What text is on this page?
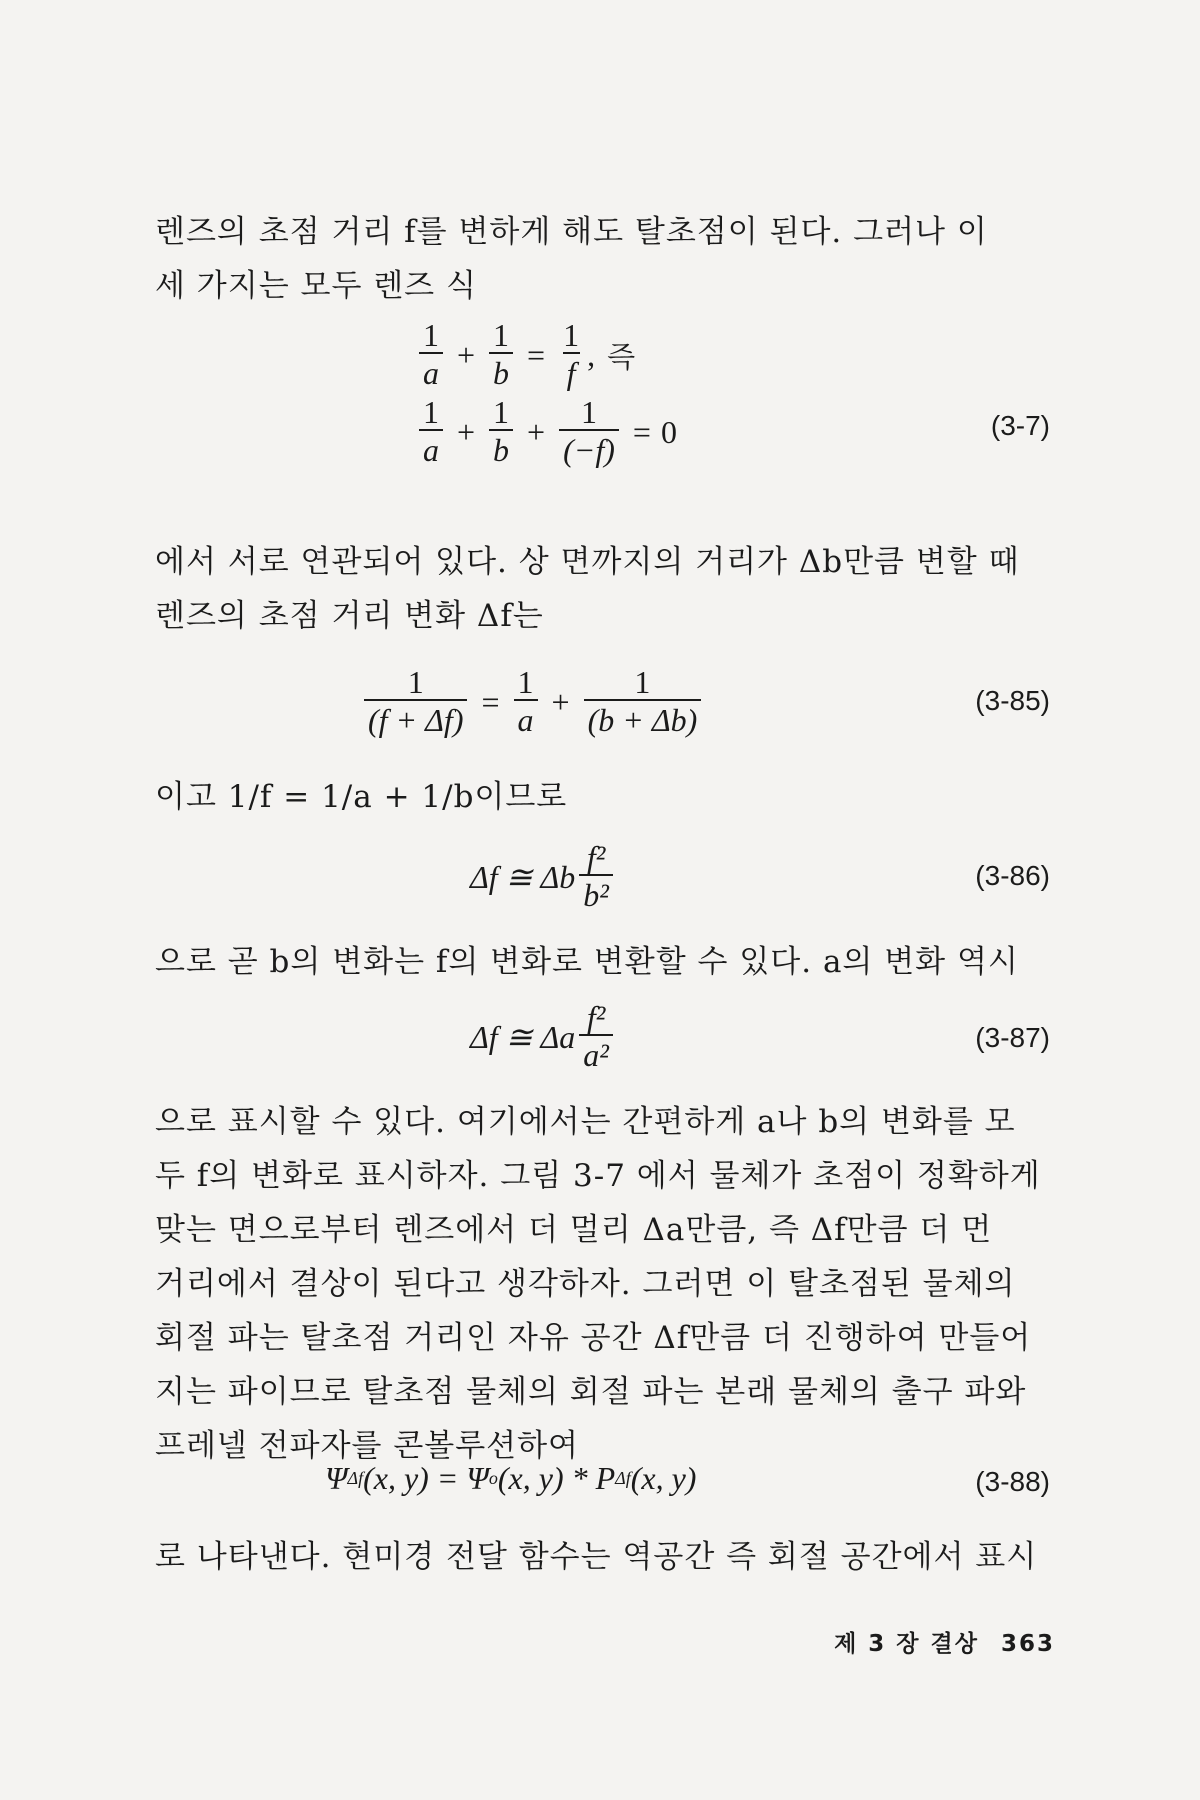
렌즈의 초점 거리 f를 변하게 해도 탈초점이 된다. 그러나 이
세 가지는 모두 렌즈 식
$\frac{1}{a} + \frac{1}{b} = \frac{1}{f}$ , 즉
$\frac{1}{a} + \frac{1}{b} + \frac{1}{(-f)} = 0$	(3-7)
에서 서로 연관되어 있다. 상 면까지의 거리가 Δb만큼 변할 때
렌즈의 초점 거리 변화 Δf는
$\frac{1}{(f + \Delta f)} = \frac{1}{a} + \frac{1}{(b + \Delta b)}$	(3-85)
이고 1/f = 1/a + 1/b이므로
Δf ≅ Δb $\frac{\text{f²}}{\text{b²}}$	(3-86)
으로 곧 b의 변화는 f의 변화로 변환할 수 있다. a의 변화 역시
Δf ≅ Δa $\frac{\text{f²}}{\text{a²}}$	(3-87)
으로 표시할 수 있다. 여기에서는 간편하게 a나 b의 변화를 모
두 f의 변화로 표시하자. 그림 3-7 에서 물체가 초점이 정확하게
맞는 면으로부터 렌즈에서 더 멀리 Δa만큼, 즉 Δf만큼 더 먼
거리에서 결상이 된다고 생각하자. 그러면 이 탈초점된 물체의
회절 파는 탈초점 거리인 자유 공간 Δf만큼 더 진행하여 만들어
지는 파이므로 탈초점 물체의 회절 파는 본래 물체의 출구 파와
프레넬 전파자를 콘볼루션하여
Ψ Δf (x, y) = Ψ o (x, y) * P Δf (x, y)	(3-88)
로 나타낸다. 현미경 전달 함수는 역공간 즉 회절 공간에서 표시
제 3 장 결상 363
